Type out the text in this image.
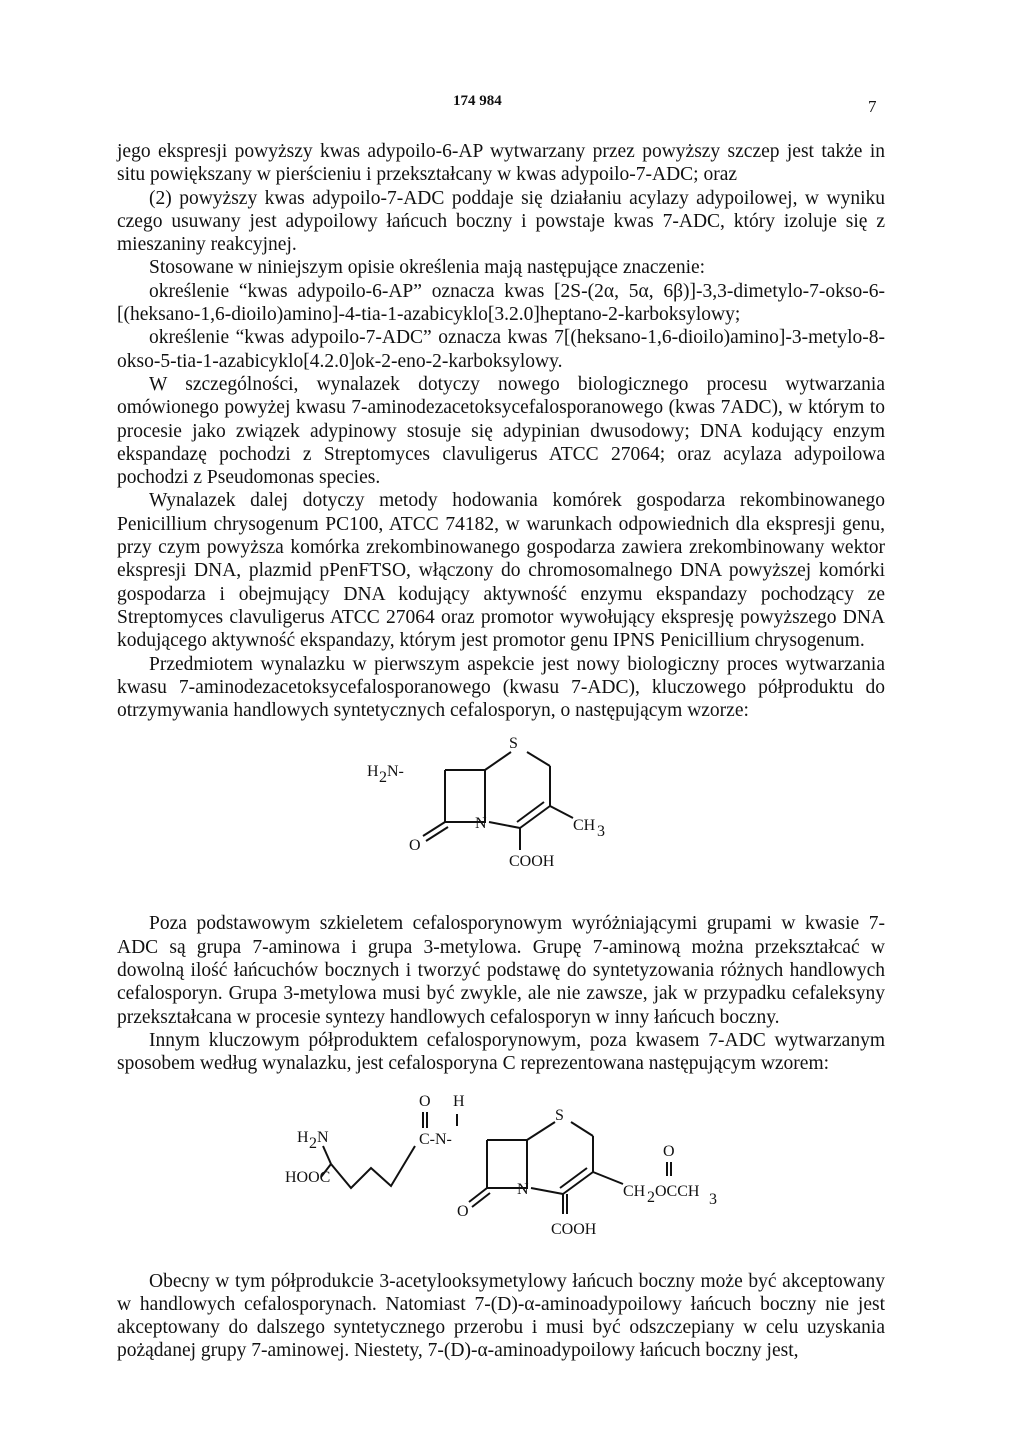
174 984	7

jego ekspresji powyższy kwas adypoilo-6-AP wytwarzany przez powyższy szczep jest także in situ powiększany w pierścieniu i przekształcany w kwas adypoilo-7-ADC; oraz

(2) powyższy kwas adypoilo-7-ADC poddaje się działaniu acylazy adypoilowej, w wyniku czego usuwany jest adypoilowy łańcuch boczny i powstaje kwas 7-ADC, który izoluje się z mieszaniny reakcyjnej.

Stosowane w niniejszym opisie określenia mają następujące znaczenie:

określenie “kwas adypoilo-6-AP” oznacza kwas [2S-(2α, 5α, 6β)]-3,3-dimetylo-7-okso-6-[(heksano-1,6-dioilo)amino]-4-tia-1-azabicyklo[3.2.0]heptano-2-karboksylowy;

określenie “kwas adypoilo-7-ADC” oznacza kwas 7[(heksano-1,6-dioilo)amino]-3-metylo-8-okso-5-tia-1-azabicyklo[4.2.0]ok-2-eno-2-karboksylowy.

W szczególności, wynalazek dotyczy nowego biologicznego procesu wytwarzania omówionego powyżej kwasu 7-aminodezacetoksycefalosporanowego (kwas 7ADC), w którym to procesie jako związek adypinowy stosuje się adypinian dwusodowy; DNA kodujący enzym ekspandazę pochodzi z Streptomyces clavuligerus ATCC 27064; oraz acylaza adypoilowa pochodzi z Pseudomonas species.

Wynalazek dalej dotyczy metody hodowania komórek gospodarza rekombinowanego Penicillium chrysogenum PC100, ATCC 74182, w warunkach odpowiednich dla ekspresji genu, przy czym powyższa komórka zrekombinowanego gospodarza zawiera zrekombinowany wektor ekspresji DNA, plazmid pPenFTSO, włączony do chromosomalnego DNA powyższej komórki gospodarza i obejmujący DNA kodujący aktywność enzymu ekspandazy pochodzący ze Streptomyces clavuligerus ATCC 27064 oraz promotor wywołujący ekspresję powyższego DNA kodującego aktywność ekspandazy, którym jest promotor genu IPNS Penicillium chrysogenum.

Przedmiotem wynalazku w pierwszym aspekcie jest nowy biologiczny proces wytwarzania kwasu 7-aminodezacetoksycefalosporanowego (kwasu 7-ADC), kluczowego półproduktu do otrzymywania handlowych syntetycznych cefalosporyn, o następującym wzorze:

H 2 N-
O
S
N	CH 3
COOH

Poza podstawowym szkieletem cefalosporynowym wyróżniającymi grupami w kwasie 7-ADC są grupa 7-aminowa i grupa 3-metylowa. Grupę 7-aminową można przekształcać w dowolną ilość łańcuchów bocznych i tworzyć podstawę do syntetyzowania różnych handlowych cefalosporyn. Grupa 3-metylowa musi być zwykle, ale nie zawsze, jak w przypadku cefaleksyny przekształcana w procesie syntezy handlowych cefalosporyn w inny łańcuch boczny.

Innym kluczowym półproduktem cefalosporynowym, poza kwasem 7-ADC wytwarzanym sposobem według wynalazku, jest cefalosporyna C reprezentowana następującym wzorem:

H 2 N
HOOC
O H
C-N-
O
S
N
O
CH 2 OCCH 3
COOH

Obecny w tym półprodukcie 3-acetylooksymetylowy łańcuch boczny może być akceptowany w handlowych cefalosporynach. Natomiast 7-(D)-α-aminoadypoilowy łańcuch boczny nie jest akceptowany do dalszego syntetycznego przerobu i musi być odszczepiany w celu uzyskania pożądanej grupy 7-aminowej. Niestety, 7-(D)-α-aminoadypoilowy łańcuch boczny jest,
